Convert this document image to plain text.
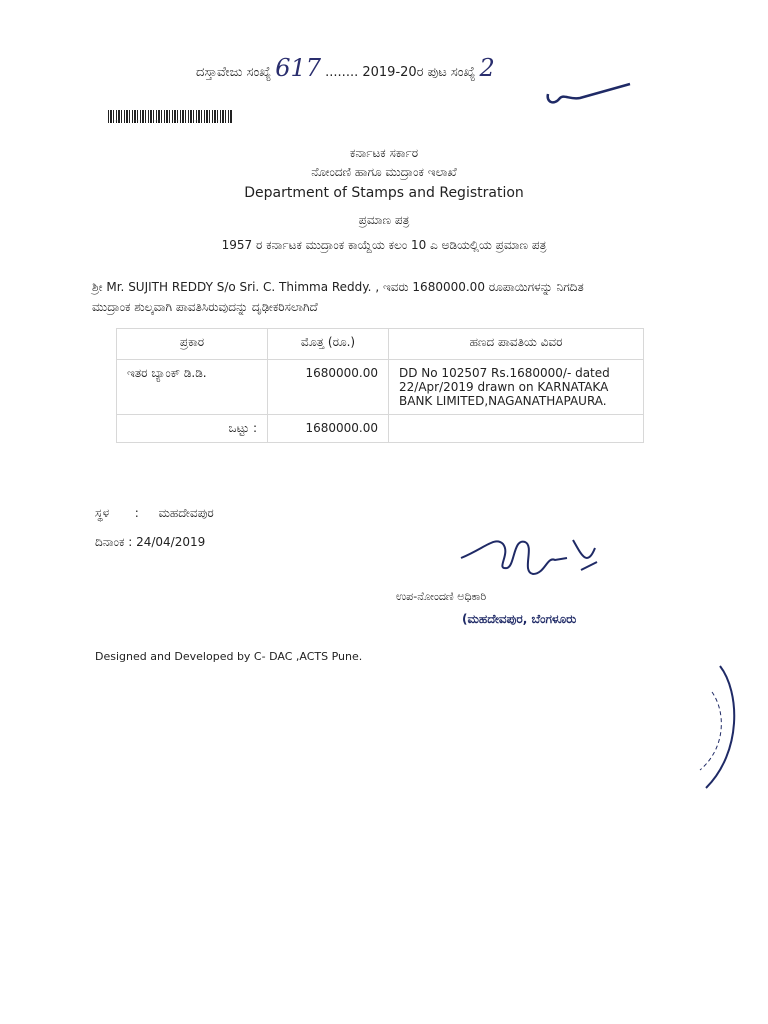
ದಸ್ತಾವೇಜು ಸಂಖ್ಯೆ 617 ........ 2019-20ರ ಪುಟ ಸಂಖ್ಯೆ 2
ಕರ್ನಾಟಕ ಸರ್ಕಾರ
ನೋಂದಣಿ ಹಾಗೂ ಮುದ್ರಾಂಕ ಇಲಾಖೆ
Department of Stamps and Registration
ಪ್ರಮಾಣ ಪತ್ರ
1957 ರ ಕರ್ನಾಟಕ ಮುದ್ರಾಂಕ ಕಾಯ್ದೆಯ ಕಲಂ 10 ಎ ಅಡಿಯಲ್ಲಿಯ ಪ್ರಮಾಣ ಪತ್ರ
ಶ್ರೀ Mr. SUJITH REDDY S/o Sri. C. Thimma Reddy. , ಇವರು 1680000.00 ರೂಪಾಯಿಗಳನ್ನು ನಿಗದಿತ
ಮುದ್ರಾಂಕ ಶುಲ್ಕವಾಗಿ ಪಾವತಿಸಿರುವುದನ್ನು ದೃಢೀಕರಿಸಲಾಗಿದೆ
ಪ್ರಕಾರ	ಮೊತ್ತ (ರೂ.)	ಹಣದ ಪಾವತಿಯ ವಿವರ
ಇತರ ಬ್ಯಾಂಕ್ ಡಿ.ಡಿ.	1680000.00	DD No 102507 Rs.1680000/- dated
22/Apr/2019 drawn on KARNATAKA
BANK LIMITED,NAGANATHAPAURA.

ಒಟ್ಟು :	1680000.00	
ಸ್ಥಳ : ಮಹದೇವಪುರ
ದಿನಾಂಕ : 24/04/2019
ಉಪ-ನೋಂದಣಿ ಅಧಿಕಾರಿ
(ಮಹದೇವಪುರ, ಬೆಂಗಳೂರು
Designed and Developed by C- DAC ,ACTS Pune.
